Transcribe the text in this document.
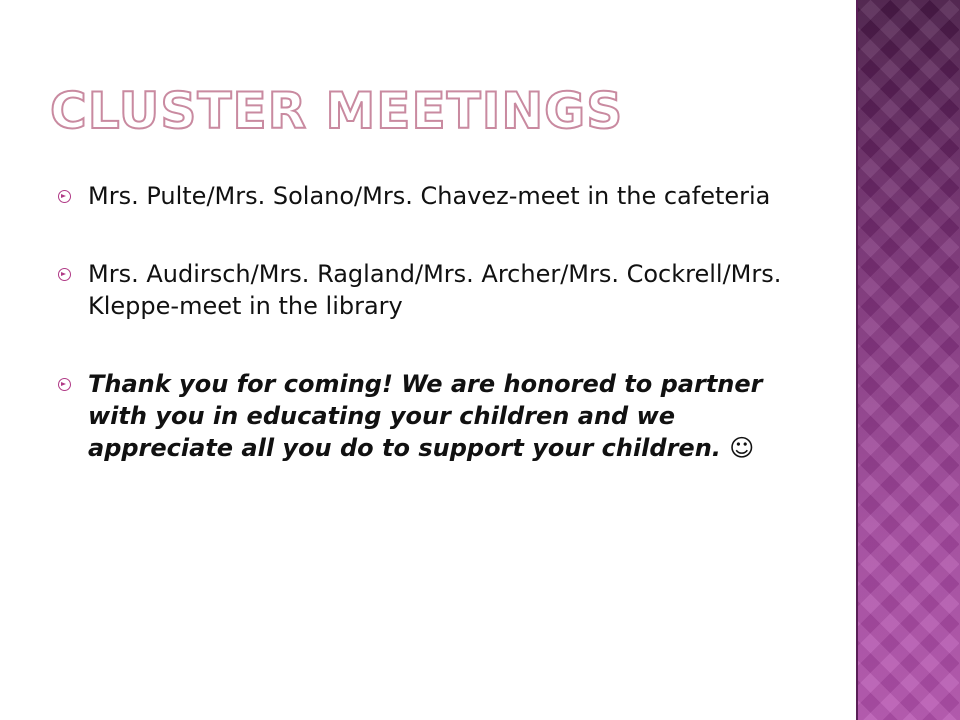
CLUSTER MEETINGS
Mrs. Pulte/Mrs. Solano/Mrs. Chavez-meet in the cafeteria
Mrs. Audirsch/Mrs. Ragland/Mrs. Archer/Mrs. Cockrell/Mrs. Kleppe-meet in the library
Thank you for coming! We are honored to partner with you in educating your children and we appreciate all you do to support your children. ☺
